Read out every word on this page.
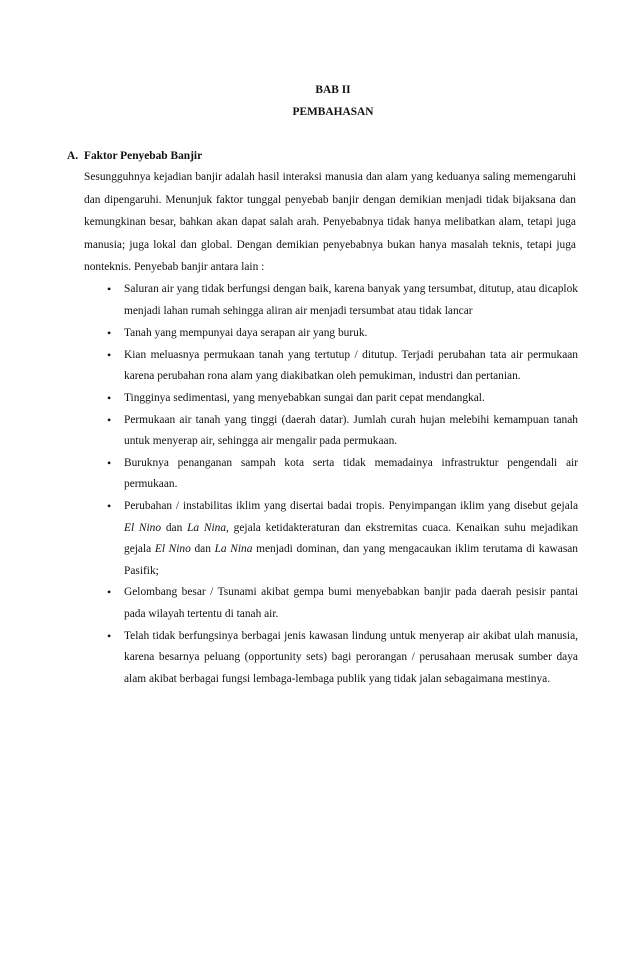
BAB II
PEMBAHASAN
A. Faktor Penyebab Banjir

Sesungguhnya kejadian banjir adalah hasil interaksi manusia dan alam yang keduanya saling memengaruhi dan dipengaruhi. Menunjuk faktor tunggal penyebab banjir dengan demikian menjadi tidak bijaksana dan kemungkinan besar, bahkan akan dapat salah arah. Penyebabnya tidak hanya melibatkan alam, tetapi juga manusia; juga lokal dan global. Dengan demikian penyebabnya bukan hanya masalah teknis, tetapi juga nonteknis. Penyebab banjir antara lain :

• Saluran air yang tidak berfungsi dengan baik, karena banyak yang tersumbat, ditutup, atau dicaplok menjadi lahan rumah sehingga aliran air menjadi tersumbat atau tidak lancar
• Tanah yang mempunyai daya serapan air yang buruk.
• Kian meluasnya permukaan tanah yang tertutup / ditutup. Terjadi perubahan tata air permukaan karena perubahan rona alam yang diakibatkan oleh pemukiman, industri dan pertanian.
• Tingginya sedimentasi, yang menyebabkan sungai dan parit cepat mendangkal.
• Permukaan air tanah yang tinggi (daerah datar). Jumlah curah hujan melebihi kemampuan tanah untuk menyerap air, sehingga air mengalir pada permukaan.
• Buruknya penanganan sampah kota serta tidak memadainya infrastruktur pengendali air permukaan.
• Perubahan / instabilitas iklim yang disertai badai tropis. Penyimpangan iklim yang disebut gejala El Nino dan La Nina, gejala ketidakteraturan dan ekstremitas cuaca. Kenaikan suhu mejadikan gejala El Nino dan La Nina menjadi dominan, dan yang mengacaukan iklim terutama di kawasan Pasifik;
• Gelombang besar / Tsunami akibat gempa bumi menyebabkan banjir pada daerah pesisir pantai pada wilayah tertentu di tanah air.
• Telah tidak berfungsinya berbagai jenis kawasan lindung untuk menyerap air akibat ulah manusia, karena besarnya peluang (opportunity sets) bagi perorangan / perusahaan merusak sumber daya alam akibat berbagai fungsi lembaga-lembaga publik yang tidak jalan sebagaimana mestinya.
